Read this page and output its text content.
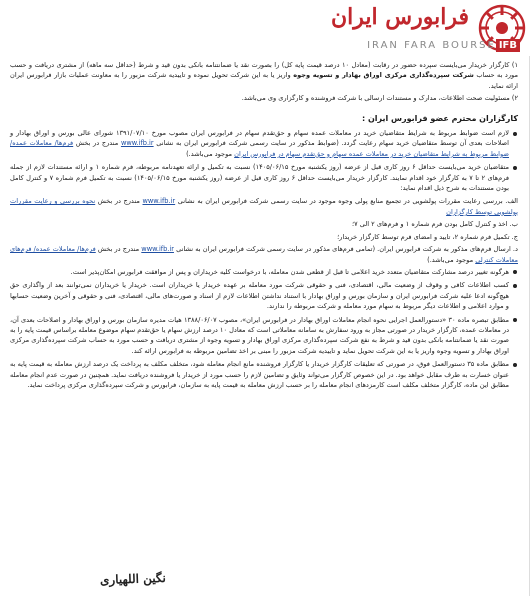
فرابورس ایران
IRAN FARA BOURSE IFB

۱) کارگزار خریدار می‌بایست سپرده حضور در رقابت (معادل ۱۰ درصد قیمت پایه کل) را بصورت نقد یا ضمانتنامه بانکی بدون قید و شرط (حداقل سه ماهه) از مشتری دریافت و حسب مورد به حساب شرکت سپرده‌گذاری مرکزی اوراق بهادار و تسویه وجوه واریز یا به این شرکت تحویل نموده و تاییدیه شرکت مزبور را به معاونت عملیات بازار فرابورس ایران ارائه نماید.

۲) مسئولیت صحت اطلاعات، مدارک و مستندات ارسالی با شرکت فروشنده و کارگزاری وی می‌باشد.

کارگزاران محترم عضو فرابورس ایران :

لازم است ضوابط مربوط به شرایط متقاضیان خرید در معاملات عمده سهام و حق‌تقدم سهام در فرابورس ایران مصوب مورخ ۱۳۹۱/۰۷/۱۰ شورای عالی بورس و اوراق بهادار و اصلاحات بعدی آن توسط متقاضیان خرید سهام رعایت گردد. (ضوابط مذکور در سایت رسمی شرکت فرابورس ایران به نشانی www.ifb.ir مندرج در بخش فرم‌ها/ معاملات عمده/ ضوابط مربوط به شرایط متقاضیان خرید در معاملات عمده سهام و حق‌تقدم سهام در فرابورس ایران موجود می‌باشد.)

متقاضیان خرید می‌بایست حداقل ۶ روز کاری قبل از عرضه (روز یکشنبه مورخ ۱۴۰۵/۰۶/۱۵) نسبت به تکمیل و ارائه تعهدنامه مربوطه، فرم شماره ۱ و ارائه مستندات لازم از جمله فرم‌های ۲ تا ۷ به کارگزار خود اقدام نمایند. کارگزار خریدار می‌بایست حداقل ۶ روز کاری قبل از عرضه (روز یکشنبه مورخ ۱۴۰۵/۰۶/۱۵) نسبت به تکمیل فرم شماره ۷ و کنترل کامل بودن مستندات به شرح ذیل اقدام نماید:

الف. بررسی رعایت مقررات پولشویی در تجمیع منابع پولی وجوه موجود در سایت رسمی شرکت فرابورس ایران به نشانی www.ifb.ir مندرج در بخش نحوه بررسی و رعایت مقررات پولشویی توسط کارگزاران

ب. اخذ و کنترل کامل بودن فرم شماره ۱ و فرم‌های ۲ الی ۷؛

ج. تکمیل فرم شماره ۲، تایید و امضای فرم توسط کارگزار خریدار؛

د. ارسال فرم‌های مذکور به شرکت فرابورس ایران. (تمامی فرم‌های مذکور در سایت رسمی شرکت فرابورس ایران به نشانی www.ifb.ir مندرج در بخش فرم‌ها/ معاملات عمده/ فرم‌های معاملات کنترلی موجود می‌باشد.)

هرگونه تغییر درصد مشارکت متقاضیان متعدد خرید اعلامی تا قبل از قطعی شدن معامله، با درخواست کلیه خریداران و پس از موافقت فرابورس امکان‌پذیر است.

کسب اطلاعات کافی و وقوف از وضعیت مالی، اقتصادی، فنی و حقوقی شرکت مورد معامله بر عهده خریدار یا خریداران است. خریدار یا خریداران نمی‌توانند بعد از واگذاری حق هیچ‌گونه ادعا علیه شرکت فرابورس ایران و سازمان بورس و اوراق بهادار با استناد نداشتن اطلاعات لازم از اسناد و صورت‌های مالی، اقتصادی، فنی و حقوقی و آخرین وضعیت حسابها و موارد اعلامی و اطلاعات دیگر مربوط به سهام مورد معامله و شرکت مربوطه را ندارند.

مطابق تبصره ماده ۳۰ «دستورالعمل اجرایی نحوه انجام معاملات اوراق بهادار در فرابورس ایران»، مصوب ۱۳۸۸/۰۶/۰۷ هیات مدیره سازمان بورس و اوراق بهادار و اصلاحات بعدی آن، در معاملات عمده، کارگزار خریدار در صورتی مجاز به ورود سفارش به سامانه معاملاتی است که معادل ۱۰ درصد ارزش سهام یا حق‌تقدم سهام موضوع معامله براساس قیمت پایه را به صورت نقد یا ضمانتنامه بانکی بدون قید و شرط به نفع شرکت سپرده‌گذاری مرکزی اوراق بهادار و تسویه وجوه از مشتری دریافت و حسب مورد به حساب شرکت سپرده‌گذاری مرکزی اوراق بهادار و تسویه وجوه واریز یا به این شرکت تحویل نماید و تاییدیه شرکت مزبور را مبنی بر اخذ تضامین مربوطه به فرابورس ارائه کند.

مطابق ماده ۳۵ دستورالعمل فوق، در صورتی که تعلیقات کارگزار خریدار یا کارگزار فروشنده مانع انجام معامله شود، متخلف مکلف به پرداخت یک درصد ارزش معامله به قیمت پایه به عنوان خسارت به طرف مقابل خواهد بود. در این خصوص کارگزار می‌تواند وثایق و تضامین لازم را حسب مورد از خریدار یا فروشنده دریافت نماید. همچنین در صورت عدم انجام معامله مطابق این ماده، کارگزار متخلف مکلف است کارمزدهای انجام معامله را بر حسب ارزش معامله به قیمت پایه به سازمان، فرابورس و شرکت سپرده‌گذاری مرکزی پرداخت نماید.

نگین اللهیاری
